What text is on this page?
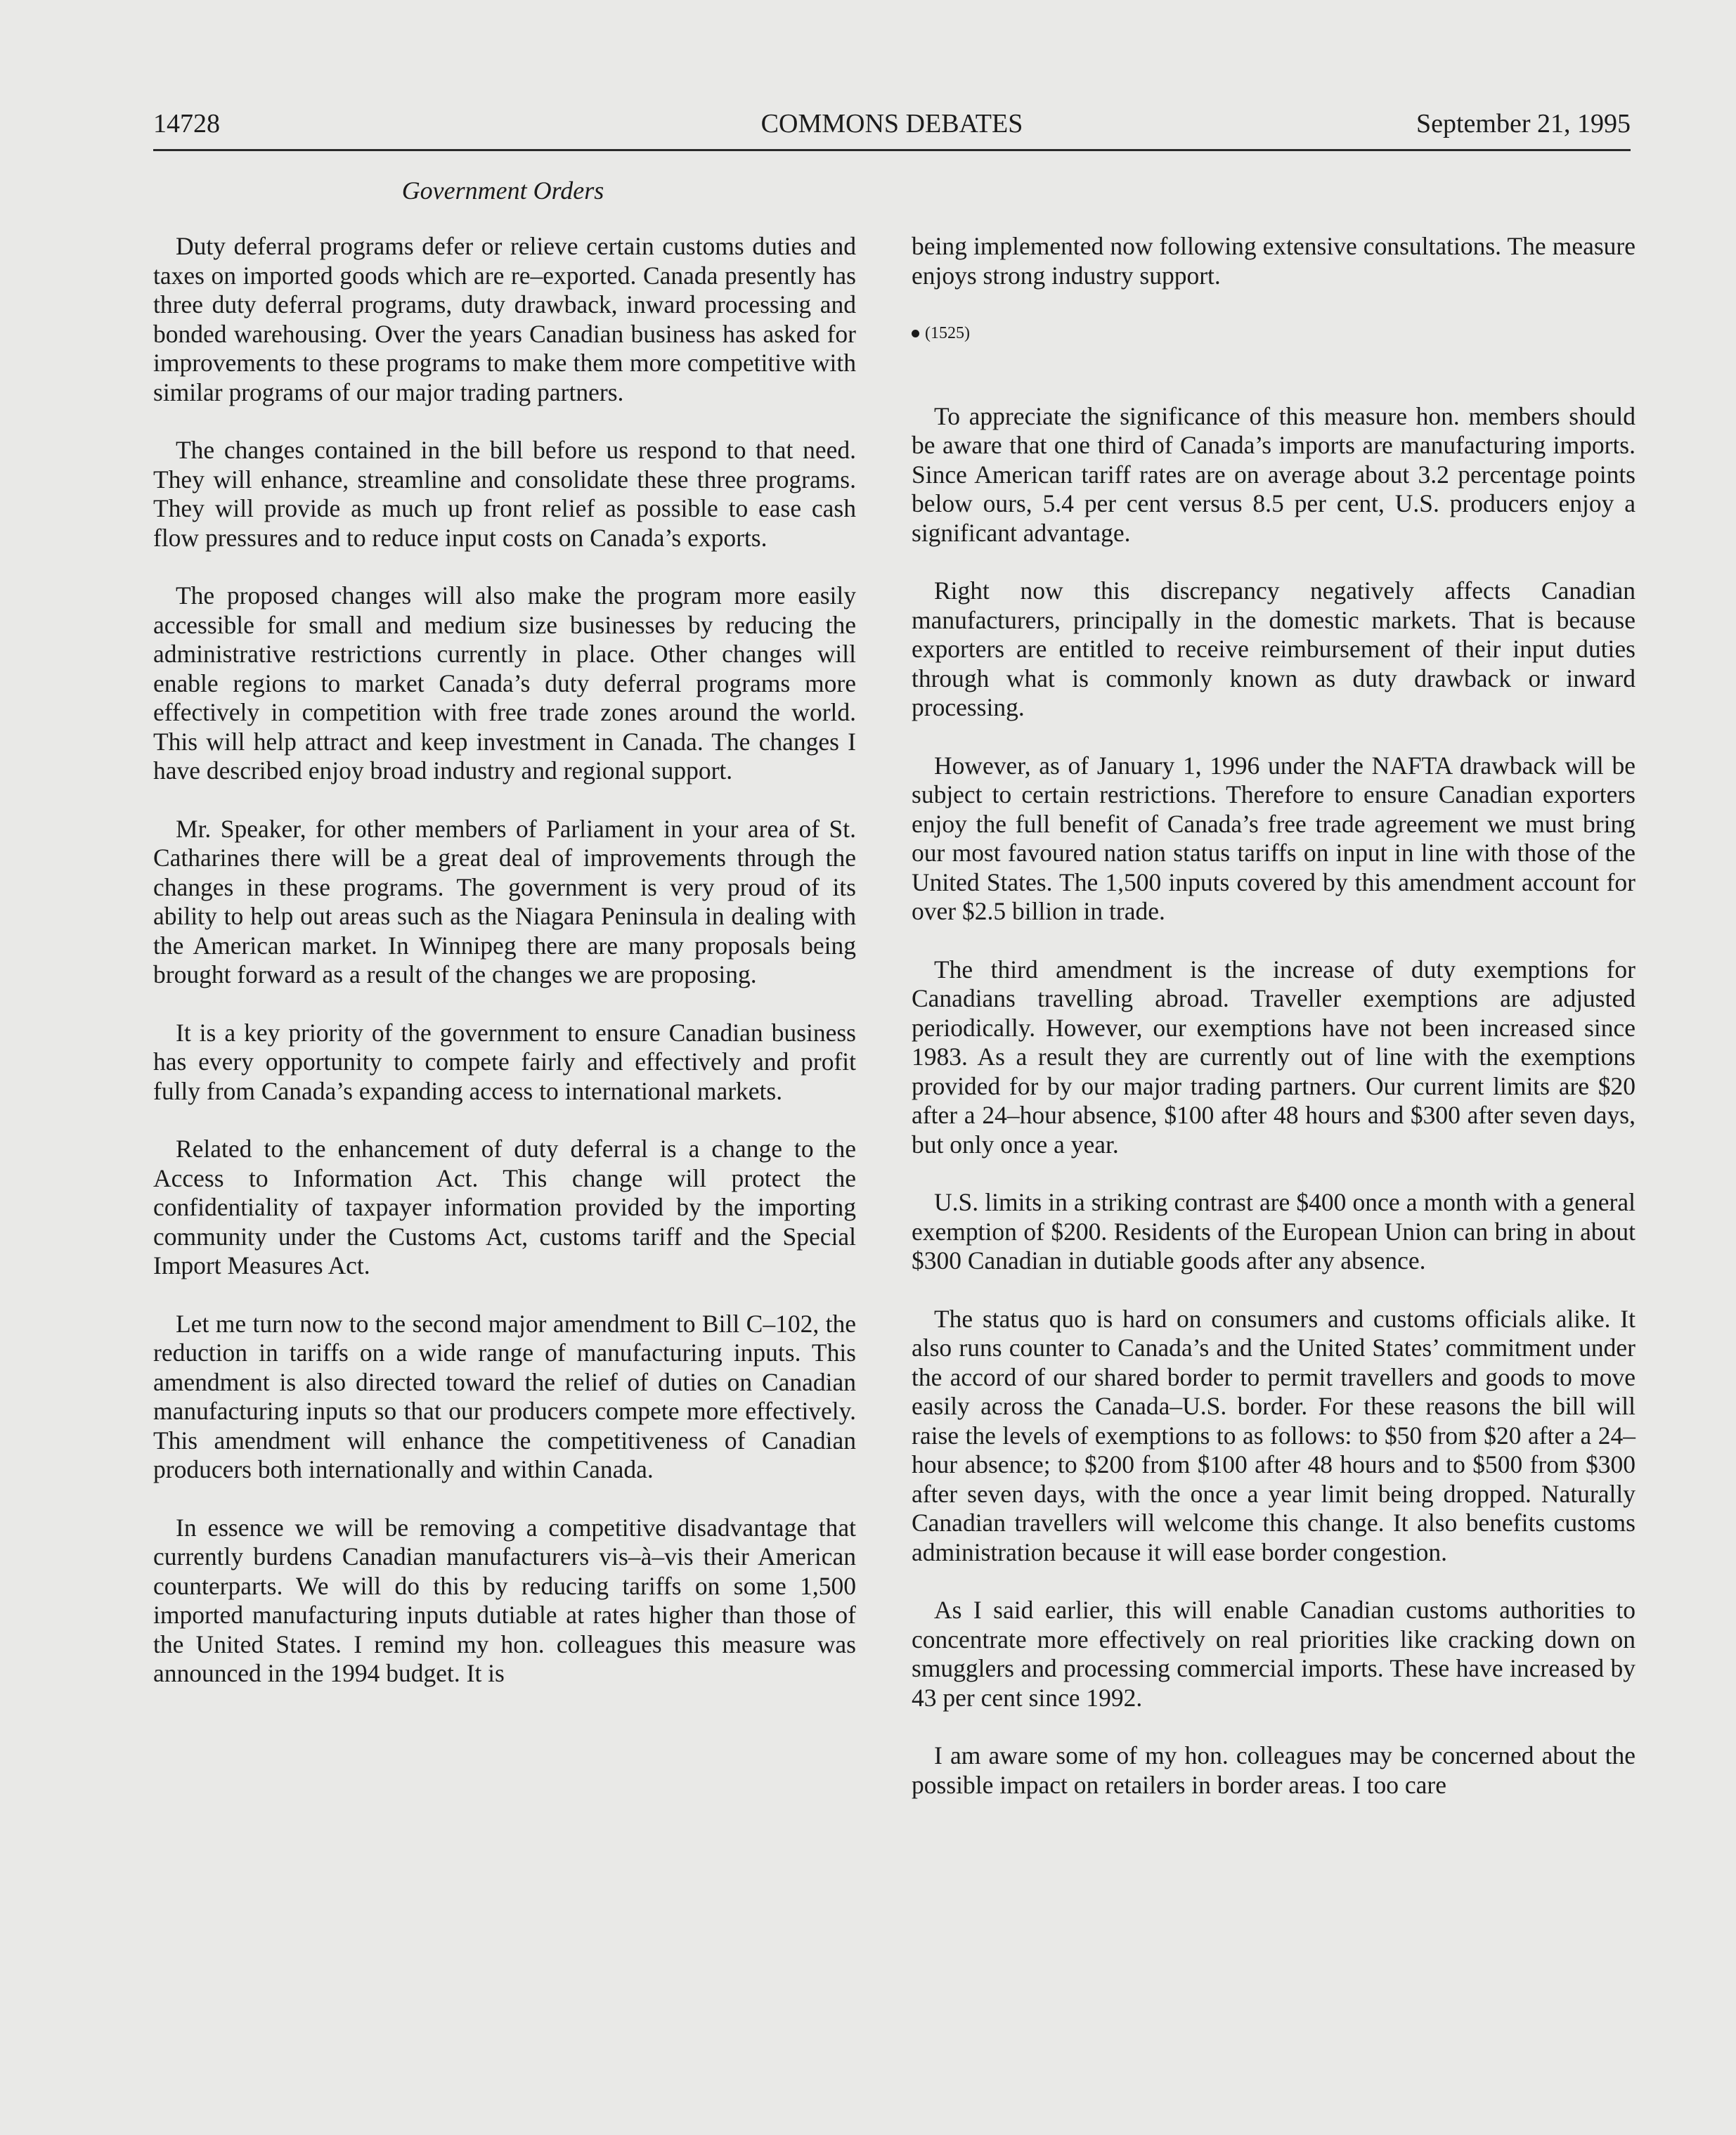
14728	COMMONS DEBATES	September 21, 1995
Government Orders

Duty deferral programs defer or relieve certain customs duties and taxes on imported goods which are re–exported. Canada presently has three duty deferral programs, duty drawback, inward processing and bonded warehousing. Over the years Canadian business has asked for improvements to these programs to make them more competitive with similar programs of our major trading partners.

The changes contained in the bill before us respond to that need. They will enhance, streamline and consolidate these three programs. They will provide as much up front relief as possible to ease cash flow pressures and to reduce input costs on Canada’s exports.

The proposed changes will also make the program more easily accessible for small and medium size businesses by reducing the administrative restrictions currently in place. Other changes will enable regions to market Canada’s duty deferral programs more effectively in competition with free trade zones around the world. This will help attract and keep investment in Canada. The changes I have described enjoy broad industry and regional support.

Mr. Speaker, for other members of Parliament in your area of St. Catharines there will be a great deal of improvements through the changes in these programs. The government is very proud of its ability to help out areas such as the Niagara Peninsula in dealing with the American market. In Winnipeg there are many proposals being brought forward as a result of the changes we are proposing.

It is a key priority of the government to ensure Canadian business has every opportunity to compete fairly and effectively and profit fully from Canada’s expanding access to international markets.

Related to the enhancement of duty deferral is a change to the Access to Information Act. This change will protect the confidentiality of taxpayer information provided by the importing community under the Customs Act, customs tariff and the Special Import Measures Act.

Let me turn now to the second major amendment to Bill C–102, the reduction in tariffs on a wide range of manufacturing inputs. This amendment is also directed toward the relief of duties on Canadian manufacturing inputs so that our producers compete more effectively. This amendment will enhance the competitiveness of Canadian producers both internationally and within Canada.

In essence we will be removing a competitive disadvantage that currently burdens Canadian manufacturers vis–à–vis their American counterparts. We will do this by reducing tariffs on some 1,500 imported manufacturing inputs dutiable at rates higher than those of the United States. I remind my hon. colleagues this measure was announced in the 1994 budget. It is

being implemented now following extensive consultations. The measure enjoys strong industry support.

(1525)

To appreciate the significance of this measure hon. members should be aware that one third of Canada’s imports are manufacturing imports. Since American tariff rates are on average about 3.2 percentage points below ours, 5.4 per cent versus 8.5 per cent, U.S. producers enjoy a significant advantage.

Right now this discrepancy negatively affects Canadian manufacturers, principally in the domestic markets. That is because exporters are entitled to receive reimbursement of their input duties through what is commonly known as duty drawback or inward processing.

However, as of January 1, 1996 under the NAFTA drawback will be subject to certain restrictions. Therefore to ensure Canadian exporters enjoy the full benefit of Canada’s free trade agreement we must bring our most favoured nation status tariffs on input in line with those of the United States. The 1,500 inputs covered by this amendment account for over $2.5 billion in trade.

The third amendment is the increase of duty exemptions for Canadians travelling abroad. Traveller exemptions are adjusted periodically. However, our exemptions have not been increased since 1983. As a result they are currently out of line with the exemptions provided for by our major trading partners. Our current limits are $20 after a 24–hour absence, $100 after 48 hours and $300 after seven days, but only once a year.

U.S. limits in a striking contrast are $400 once a month with a general exemption of $200. Residents of the European Union can bring in about $300 Canadian in dutiable goods after any absence.

The status quo is hard on consumers and customs officials alike. It also runs counter to Canada’s and the United States’ commitment under the accord of our shared border to permit travellers and goods to move easily across the Canada–U.S. border. For these reasons the bill will raise the levels of exemptions to as follows: to $50 from $20 after a 24–hour absence; to $200 from $100 after 48 hours and to $500 from $300 after seven days, with the once a year limit being dropped. Naturally Canadian travellers will welcome this change. It also benefits customs administration because it will ease border congestion.

As I said earlier, this will enable Canadian customs authorities to concentrate more effectively on real priorities like cracking down on smugglers and processing commercial imports. These have increased by 43 per cent since 1992.

I am aware some of my hon. colleagues may be concerned about the possible impact on retailers in border areas. I too care
